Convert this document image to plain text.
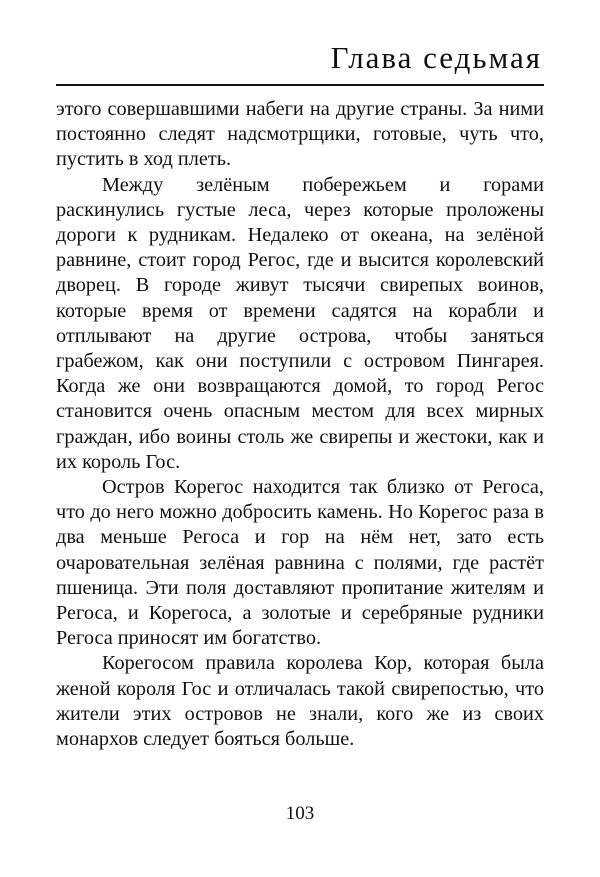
Глава седьмая

этого совершавшими набеги на другие страны. За ними постоянно следят надсмотрщики, готовые, чуть что, пустить в ход плеть.

Между зелёным побережьем и горами раскинулись густые леса, через которые проложены дороги к рудникам. Недалеко от океана, на зелёной равнине, стоит город Регос, где и высится королевский дворец. В городе живут тысячи свирепых воинов, которые время от времени садятся на корабли и отплывают на другие острова, чтобы заняться грабежом, как они поступили с островом Пингарея. Когда же они возвращаются домой, то город Регос становится очень опасным местом для всех мирных граждан, ибо воины столь же свирепы и жестоки, как и их король Гос.

Остров Корегос находится так близко от Регоса, что до него можно добросить камень. Но Корегос раза в два меньше Регоса и гор на нём нет, зато есть очаровательная зелёная равнина с полями, где растёт пшеница. Эти поля доставляют пропитание жителям и Регоса, и Корегоса, а золотые и серебряные рудники Регоса приносят им богатство.

Корегосом правила королева Кор, которая была женой короля Гос и отличалась такой свирепостью, что жители этих островов не знали, кого же из своих монархов следует бояться больше.

103
